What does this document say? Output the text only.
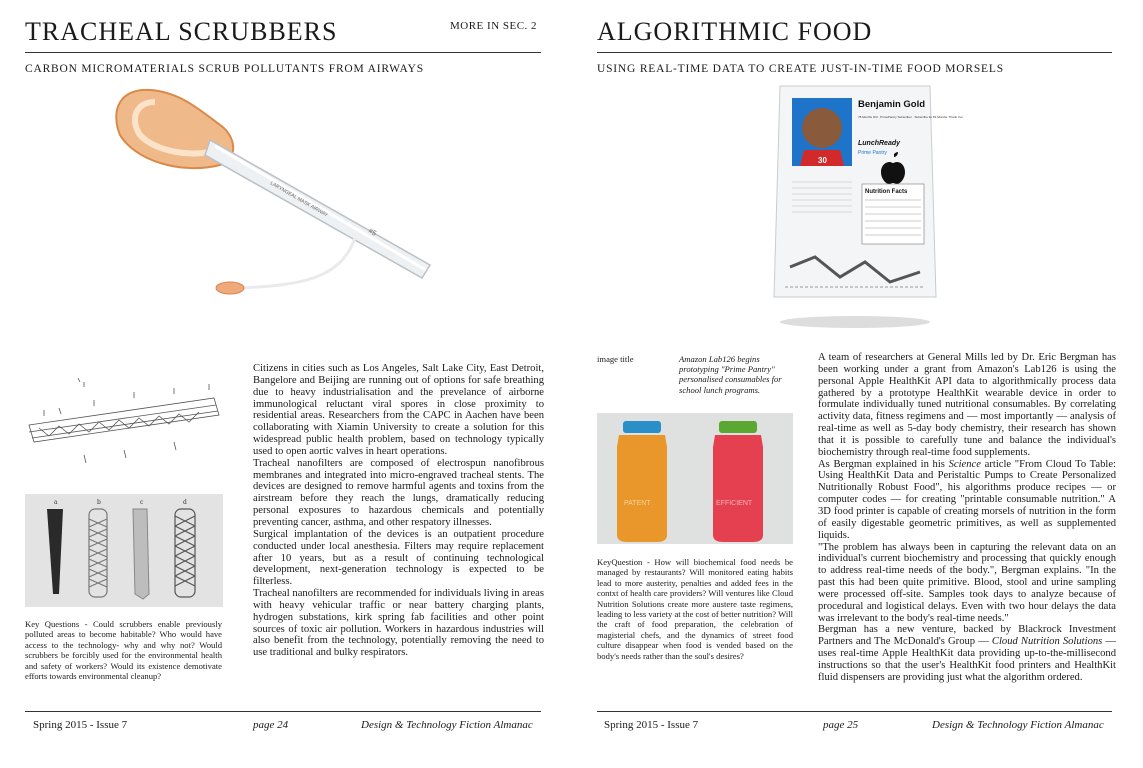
TRACHEAL SCRUBBERS	MORE IN SEC. 2
CARBON MICROMATERIALS SCRUB POLLUTANTS FROM AIRWAYS
LARYNGEAL MASK AIRWAY
#5
a	b	c	d
Key Questions - Could scrubbers enable previously polluted areas to become habitable? Who would have access to the technology- why and why not? Would scrubbers be forcibly used for the environmental health and safety of workers? Would its existence demotivate efforts towards environmental cleanup?

Citizens in cities such as Los Angeles, Salt Lake City, East Detroit, Bangelore and Beijing are running out of options for safe breathing due to heavy industrialisation and the prevelance of airborne immunological reluctant viral spores in close proximity to residential areas. Researchers from the CAPC in Aachen have been collaborating with Xiamin University to create a solution for this widespread public health problem, based on technology typically used to open aortic valves in heart operations.

Tracheal nanofilters are composed of electrospun nanofibrous membranes and integrated into micro-engraved tracheal stents. The devices are designed to remove harmful agents and toxins from the airstream before they reach the lungs, dramatically reducing personal exposures to hazardous chemicals and potentially preventing cancer, asthma, and other respatory illnesses.

Surgical implantation of the devices is an outpatient procedure conducted under local anesthesia. Filters may require replacement after 10 years, but as a result of continuing technological development, next-generation technology is expected to be filterless.

Tracheal nanofilters are recommended for individuals living in areas with heavy vehicular traffic or near battery charging plants, hydrogen substations, kirk spring fab facilities and other point sources of toxic air pollution. Workers in hazardous industries will also benefit from the technology, potentially removing the need to use traditional and bulky respirators.

Spring 2015 - Issue 7	page 24	Design & Technology Fiction Almanac
ALGORITHMIC FOOD
USING REAL-TIME DATA TO CREATE JUST-IN-TIME FOOD MORSELS
30
Benjamin Gold
78 Months Old · PrimePantry Subscriber · Subscribe for 81 Months. Thank You
LunchReady
Prime Pantry
Nutrition Facts
image title	Amazon Lab126 begins prototyping "Prime Pantry" personalised consumables for school lunch programs.
PATENT	EFFICIENT
KeyQuestion - How will biochemical food needs be managed by restaurants? Will monitored eating habits lead to more austerity, penalties and added fees in the contxt of health care providers? Will ventures like Cloud Nutrition Solutions create more austere taste regimens, leading to less variety at the cost of better nutrition? Will the craft of food preparation, the celebration of magisterial chefs, and the dynamics of street food culture disappear when food is vended based on the body's needs rather than the soul's desires?

A team of researchers at General Mills led by Dr. Eric Bergman has been working under a grant from Amazon's Lab126 is using the personal Apple HealthKit API data to algorithmically process data gathered by a prototype HealthKit wearable device in order to formulate individually tuned nutritional consumables. By correlating activity data, fitness regimens and — most importantly — analysis of real-time as well as 5-day body chemistry, their research has shown that it is possible to carefully tune and balance the individual's biochemistry through real-time food supplements.

As Bergman explained in his Science article "From Cloud To Table: Using HealthKit Data and Peristaltic Pumps to Create Personalized Nutritionally Robust Food", his algorithms produce recipes — or computer codes — for creating "printable consumable nutrition." A 3D food printer is capable of creating morsels of nutrition in the form of easily digestable geometric primitives, as well as supplemented liquids.

"The problem has always been in capturing the relevant data on an individual's current biochemistry and processing that quickly enough to address real-time needs of the body.", Bergman explains. "In the past this had been quite primitive. Blood, stool and urine sampling were processed off-site. Samples took days to analyze because of procedural and logistical delays. Even with two hour delays the data was irrelevant to the body's real-time needs."

Bergman has a new venture, backed by Blackrock Investment Partners and The McDonald's Group — Cloud Nutrition Solutions — uses real-time Apple HealthKit data providing up-to-the-millisecond instructions so that the user's HealthKit food printers and HealthKit fluid dispensers are providing just what the algorithm ordered.

Spring 2015 - Issue 7	page 25	Design & Technology Fiction Almanac
